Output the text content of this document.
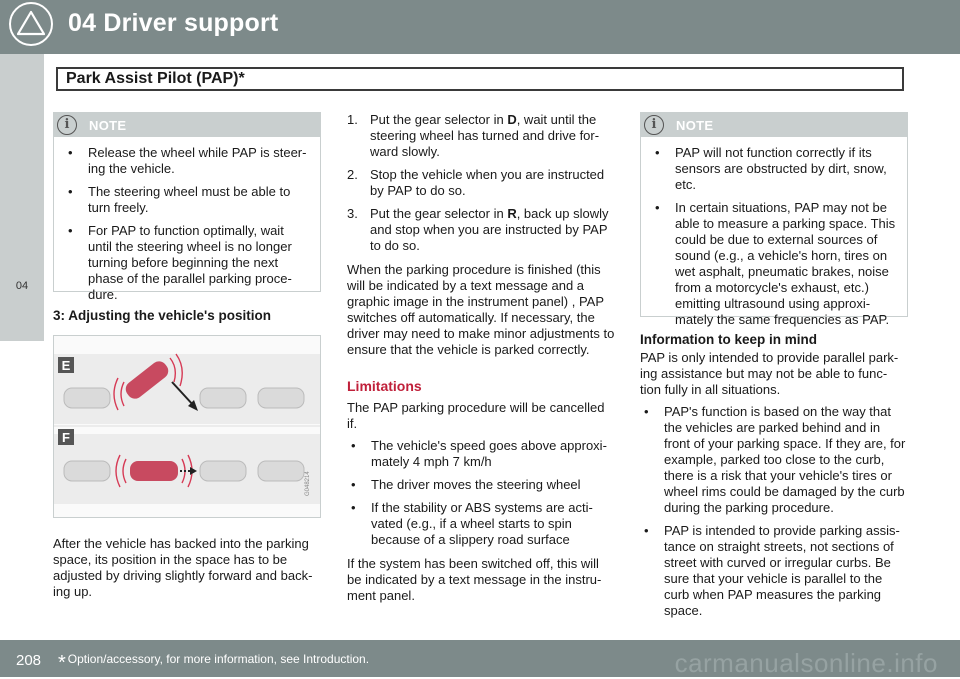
04 Driver support
Park Assist Pilot (PAP)*
04
i	NOTE
• Release the wheel while PAP is steer-ing the vehicle.
• The steering wheel must be able to turn freely.
• For PAP to function optimally, wait until the steering wheel is no longer turning before beginning the next phase of the parallel parking proce-dure.
3: Adjusting the vehicle's position
E
F
G048214

After the vehicle has backed into the parking space, its position in the space has to be adjusted by driving slightly forward and back-ing up.

1. Put the gear selector in D, wait until the steering wheel has turned and drive for-ward slowly.
2. Stop the vehicle when you are instructed by PAP to do so.
3. Put the gear selector in R, back up slowly and stop when you are instructed by PAP to do so.

When the parking procedure is finished (this will be indicated by a text message and a graphic image in the instrument panel) , PAP switches off automatically. If necessary, the driver may need to make minor adjustments to ensure that the vehicle is parked correctly.

Limitations

The PAP parking procedure will be cancelled if.

• The vehicle's speed goes above approxi-mately 4 mph 7 km/h
• The driver moves the steering wheel
• If the stability or ABS systems are acti-vated (e.g., if a wheel starts to spin because of a slippery road surface

If the system has been switched off, this will be indicated by a text message in the instru-ment panel.

i	NOTE
• PAP will not function correctly if its sensors are obstructed by dirt, snow, etc.
• In certain situations, PAP may not be able to measure a parking space. This could be due to external sources of sound (e.g., a vehicle's horn, tires on wet asphalt, pneumatic brakes, noise from a motorcycle's exhaust, etc.) emitting ultrasound using approxi-mately the same frequencies as PAP.
Information to keep in mind

PAP is only intended to provide parallel park-ing assistance but may not be able to func-tion fully in all situations.

• PAP's function is based on the way that the vehicles are parked behind and in front of your parking space. If they are, for example, parked too close to the curb, there is a risk that your vehicle's tires or wheel rims could be damaged by the curb during the parking procedure.
• PAP is intended to provide parking assis-tance on straight streets, not sections of street with curved or irregular curbs. Be sure that your vehicle is parallel to the curb when PAP measures the parking space.
208 * Option/accessory, for more information, see Introduction.	carmanualsonline.info
